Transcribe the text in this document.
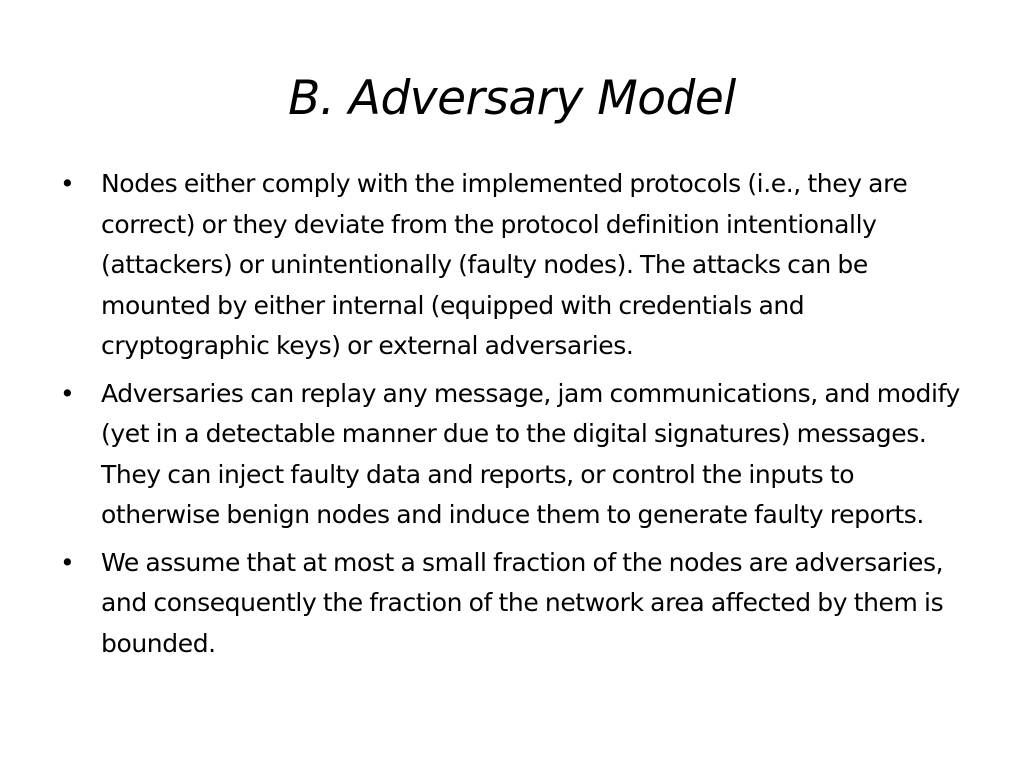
B. Adversary Model
• Nodes either comply with the implemented protocols (i.e., they are correct) or they deviate from the protocol definition intentionally (attackers) or unintentionally (faulty nodes). The attacks can be mounted by either internal (equipped with credentials and cryptographic keys) or external adversaries.
• Adversaries can replay any message, jam communications, and modify (yet in a detectable manner due to the digital signatures) messages. They can inject faulty data and reports, or control the inputs to otherwise benign nodes and induce them to generate faulty reports.
• We assume that at most a small fraction of the nodes are adversaries, and consequently the fraction of the network area affected by them is bounded.
